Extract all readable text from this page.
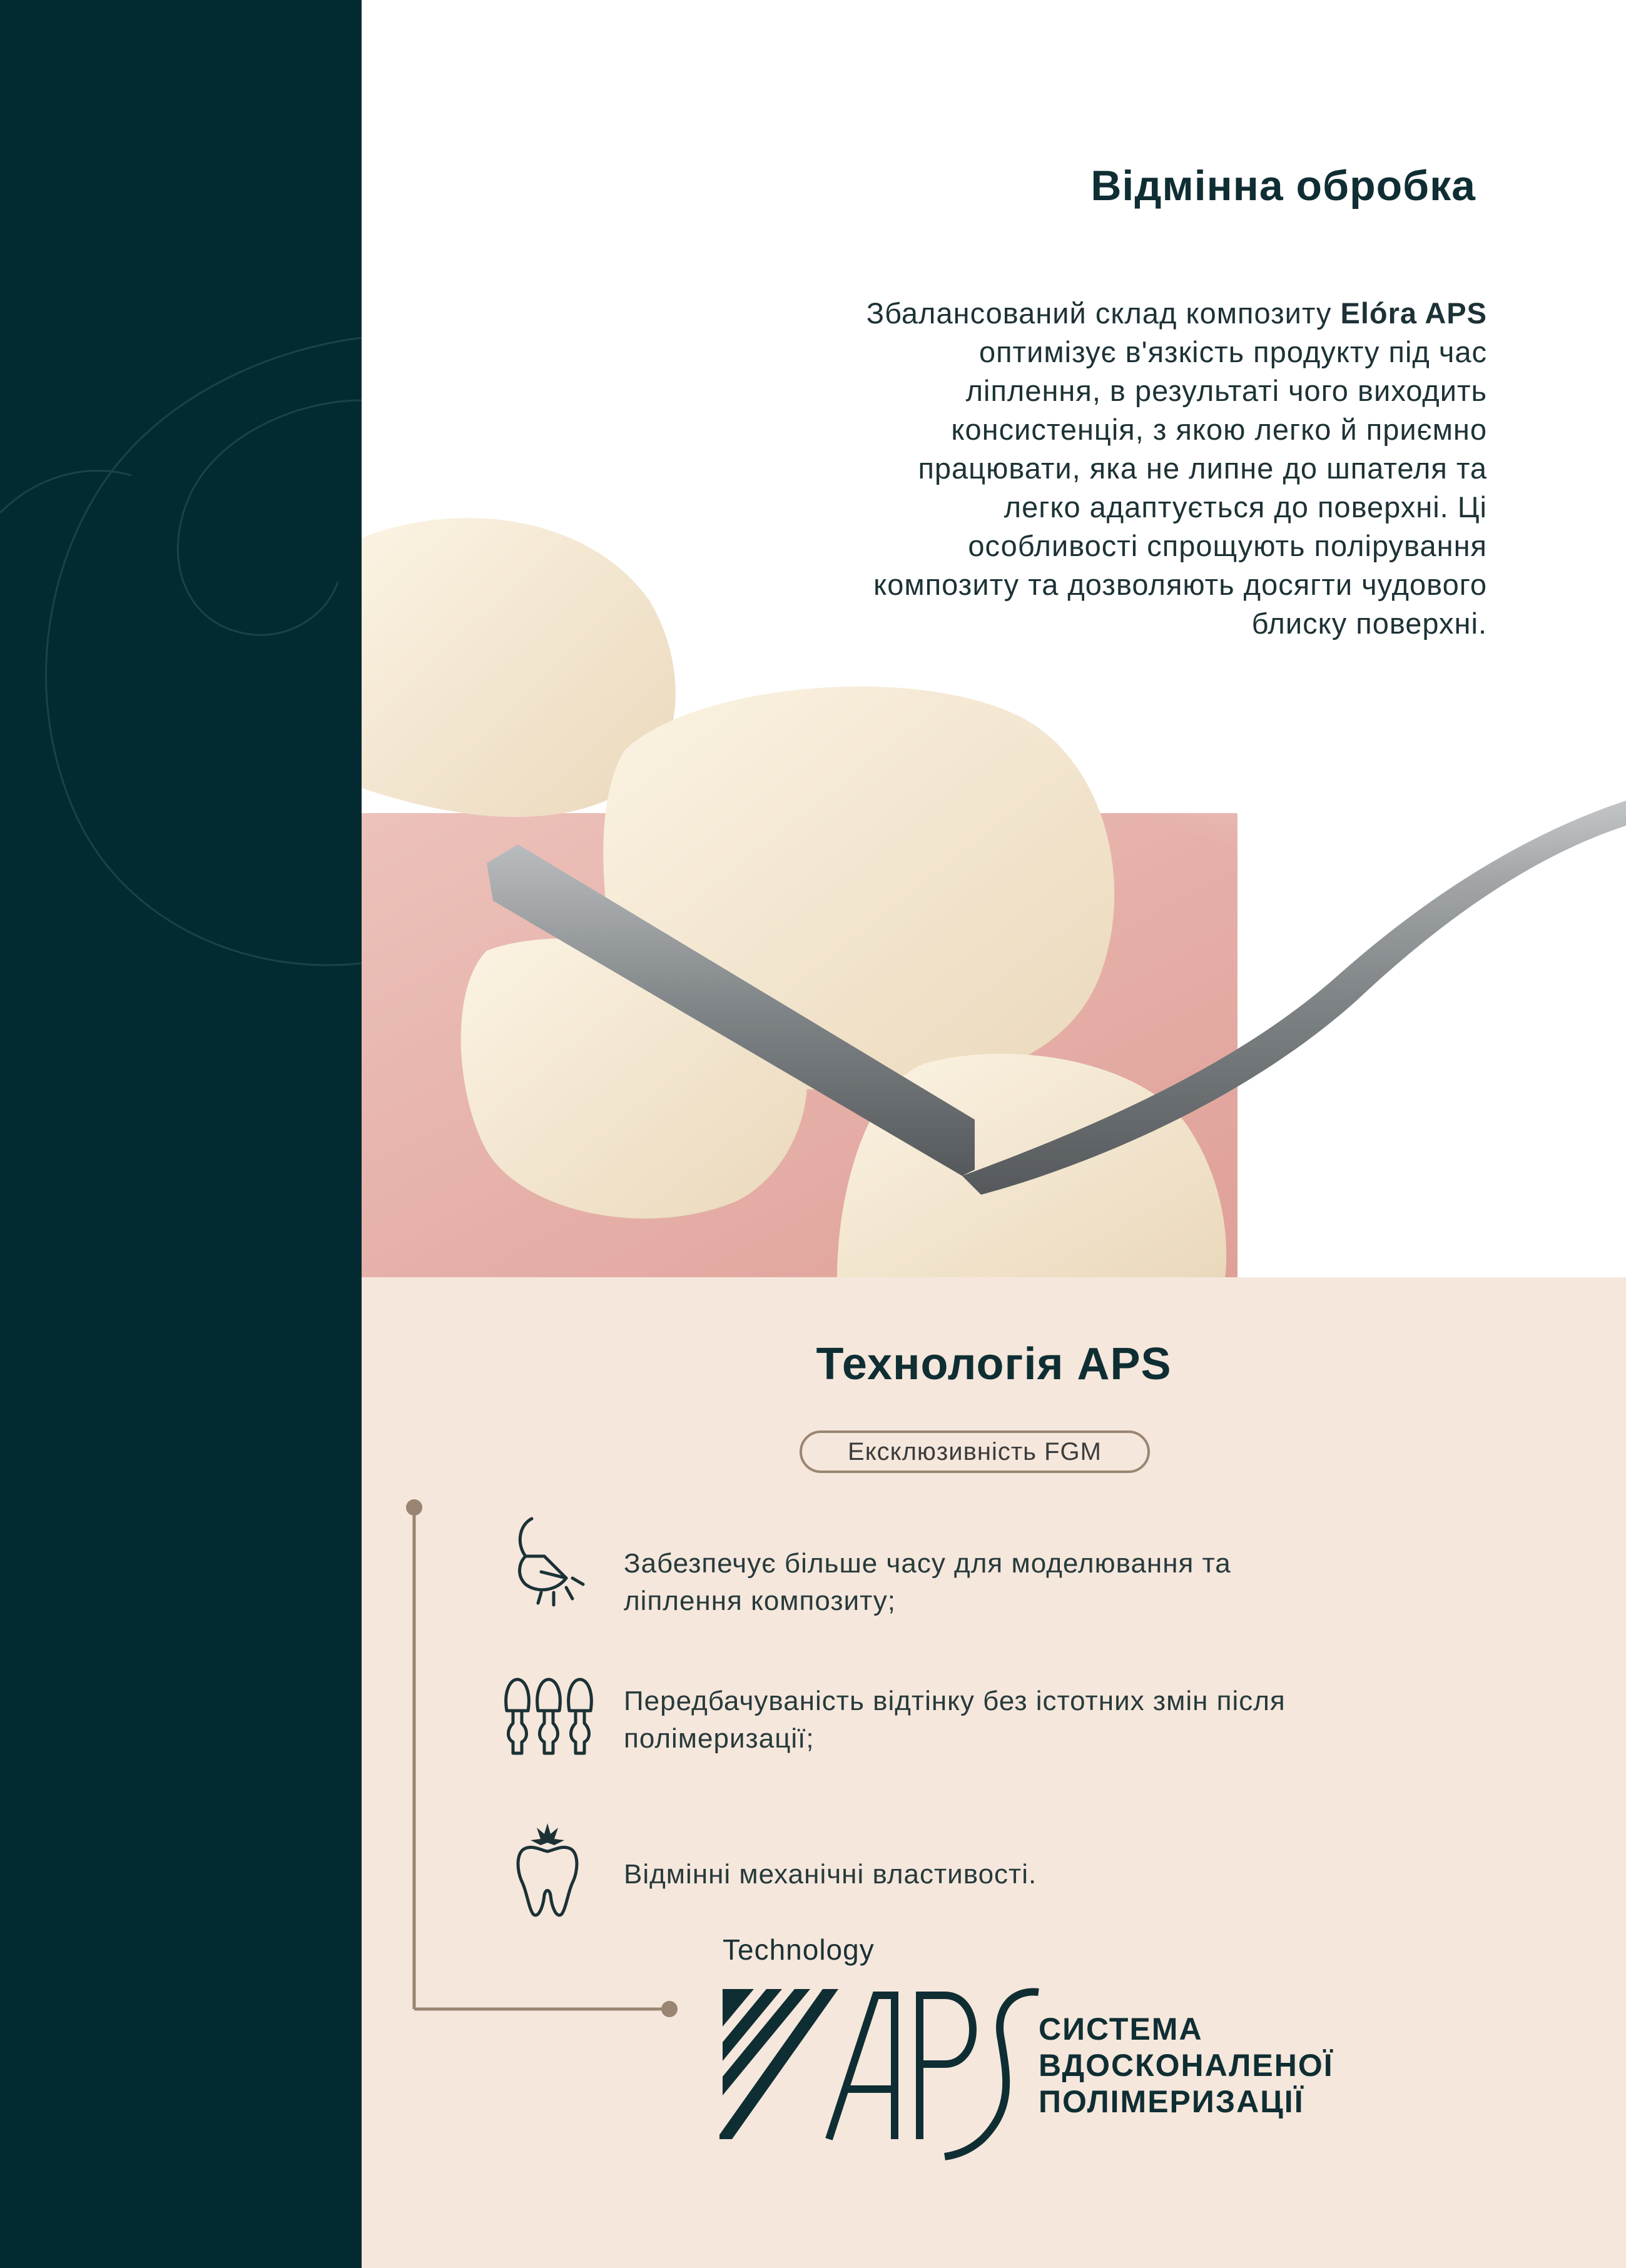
Відмінна обробка
Збалансований склад композиту Elóra APS оптимізує в'язкість продукту під час ліплення, в результаті чого виходить консистенція, з якою легко й приємно працювати, яка не липне до шпателя та легко адаптується до поверхні. Ці особливості спрощують полірування композиту та дозволяють досягти чудового блиску поверхні.
Технологія APS
Ексклюзивність FGM
Забезпечує більше часу для моделювання та
ліплення композиту;
Передбачуваність відтінку без істотних змін після
полімеризації;
Відмінні механічні властивості.
Technology
СИСТЕМА
ВДОСКОНАЛЕНОЇ
ПОЛІМЕРИЗАЦІЇ
